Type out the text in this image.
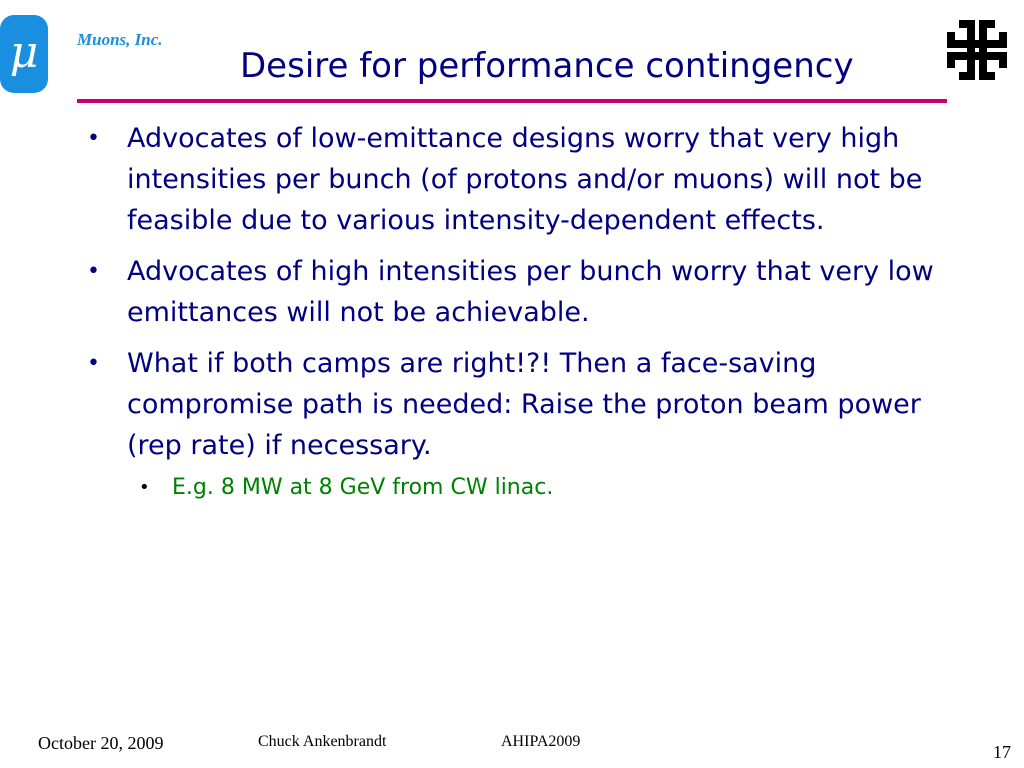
μ	Muons, Inc.
Desire for performance contingency
• Advocates of low-emittance designs worry that very high intensities per bunch (of protons and/or muons) will not be feasible due to various intensity-dependent effects.
• Advocates of high intensities per bunch worry that very low emittances will not be achievable.
• What if both camps are right!?! Then a face-saving compromise path is needed: Raise the proton beam power (rep rate) if necessary.
• E.g. 8 MW at 8 GeV from CW linac.
October 20, 2009	Chuck Ankenbrandt	AHIPA2009
17
